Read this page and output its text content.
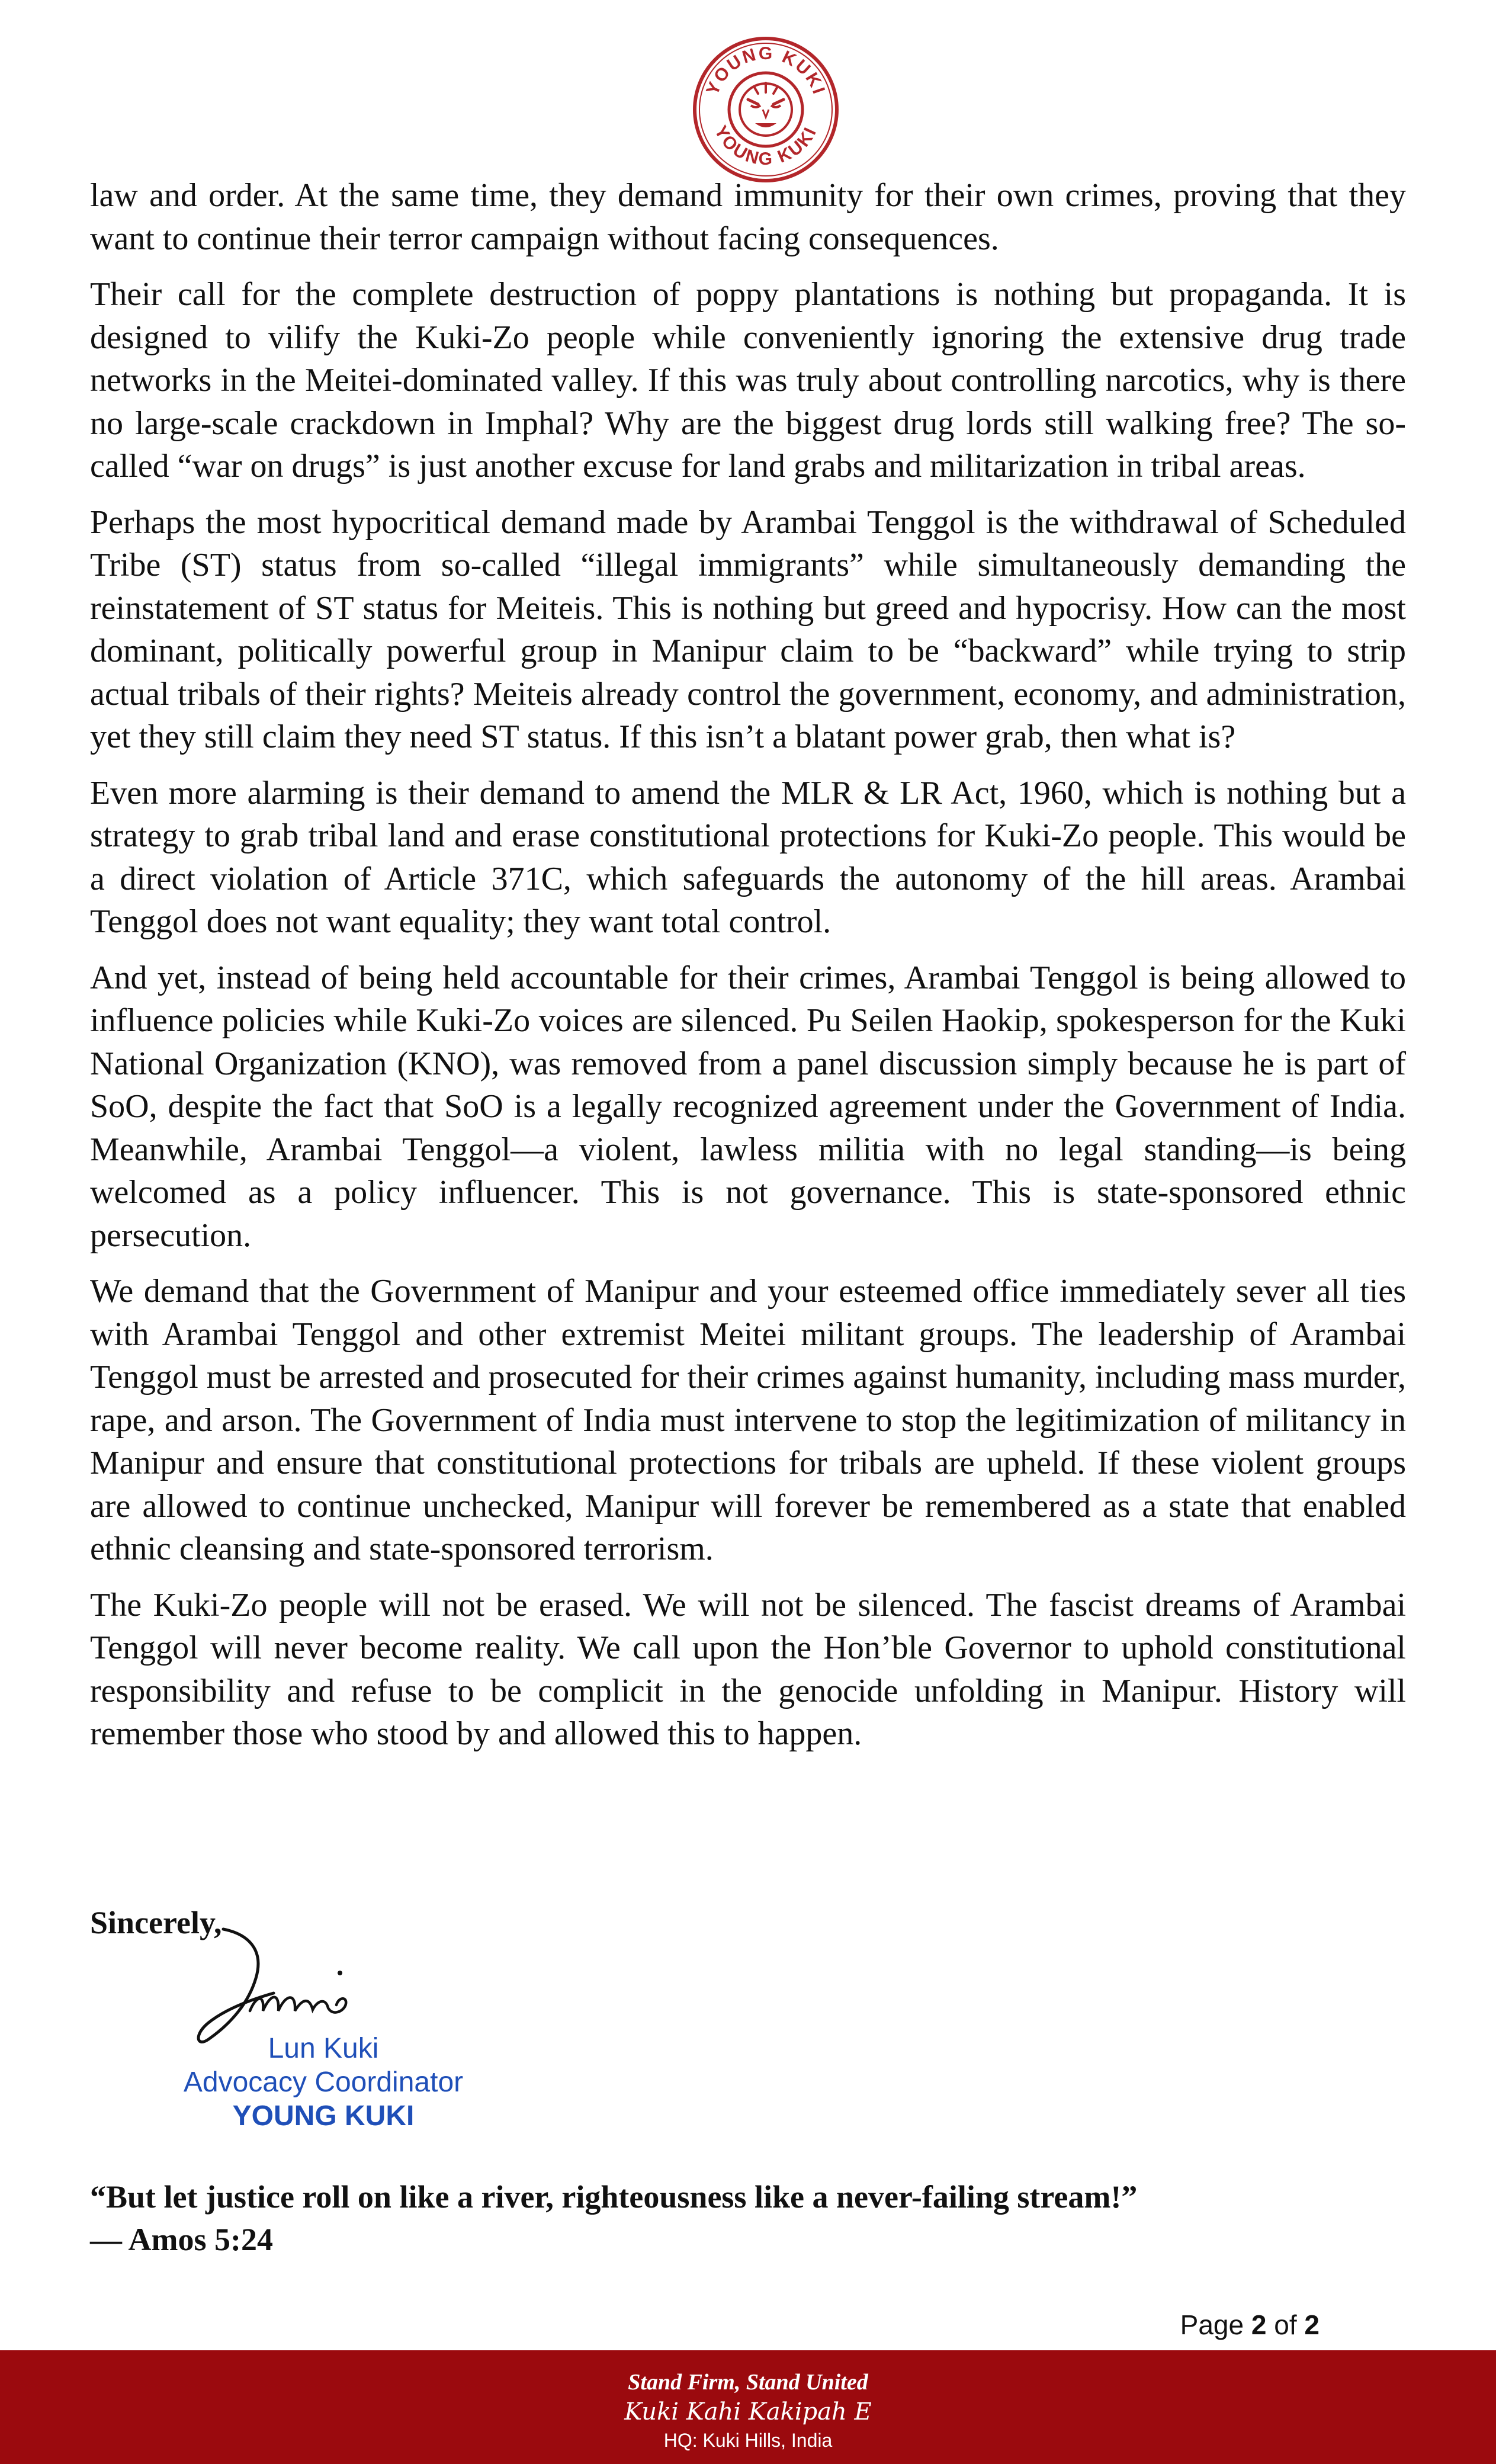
YOUNG KUKI
YOUNG KUKI

law and order. At the same time, they demand immunity for their own crimes, proving that they want to continue their terror campaign without facing consequences.

Their call for the complete destruction of poppy plantations is nothing but propaganda. It is designed to vilify the Kuki-Zo people while conveniently ignoring the extensive drug trade networks in the Meitei-dominated valley. If this was truly about controlling narcotics, why is there no large-scale crackdown in Imphal? Why are the biggest drug lords still walking free? The so-called “war on drugs” is just another excuse for land grabs and militarization in tribal areas.

Perhaps the most hypocritical demand made by Arambai Tenggol is the withdrawal of Scheduled Tribe (ST) status from so-called “illegal immigrants” while simultaneously demanding the reinstatement of ST status for Meiteis. This is nothing but greed and hypocrisy. How can the most dominant, politically powerful group in Manipur claim to be “backward” while trying to strip actual tribals of their rights? Meiteis already control the government, economy, and administration, yet they still claim they need ST status. If this isn’t a blatant power grab, then what is?

Even more alarming is their demand to amend the MLR & LR Act, 1960, which is nothing but a strategy to grab tribal land and erase constitutional protections for Kuki-Zo people. This would be a direct violation of Article 371C, which safeguards the autonomy of the hill areas. Arambai Tenggol does not want equality; they want total control.

And yet, instead of being held accountable for their crimes, Arambai Tenggol is being allowed to influence policies while Kuki-Zo voices are silenced. Pu Seilen Haokip, spokesperson for the Kuki National Organization (KNO), was removed from a panel discussion simply because he is part of SoO, despite the fact that SoO is a legally recognized agreement under the Government of India. Meanwhile, Arambai Tenggol—a violent, lawless militia with no legal standing—is being welcomed as a policy influencer. This is not governance. This is state-sponsored ethnic persecution.

We demand that the Government of Manipur and your esteemed office immediately sever all ties with Arambai Tenggol and other extremist Meitei militant groups. The leadership of Arambai Tenggol must be arrested and prosecuted for their crimes against humanity, including mass murder, rape, and arson. The Government of India must intervene to stop the legitimization of militancy in Manipur and ensure that constitutional protections for tribals are upheld. If these violent groups are allowed to continue unchecked, Manipur will forever be remembered as a state that enabled ethnic cleansing and state-sponsored terrorism.

The Kuki-Zo people will not be erased. We will not be silenced. The fascist dreams of Arambai Tenggol will never become reality. We call upon the Hon’ble Governor to uphold constitutional responsibility and refuse to be complicit in the genocide unfolding in Manipur. History will remember those who stood by and allowed this to happen.

Sincerely,
Lun Kuki
Advocacy Coordinator
YOUNG KUKI
“But let justice roll on like a river, righteousness like a never-failing stream!”
— Amos 5:24
Page 2 of 2
Stand Firm, Stand United
Kuki Kahi Kakipah E
HQ: Kuki Hills, India
